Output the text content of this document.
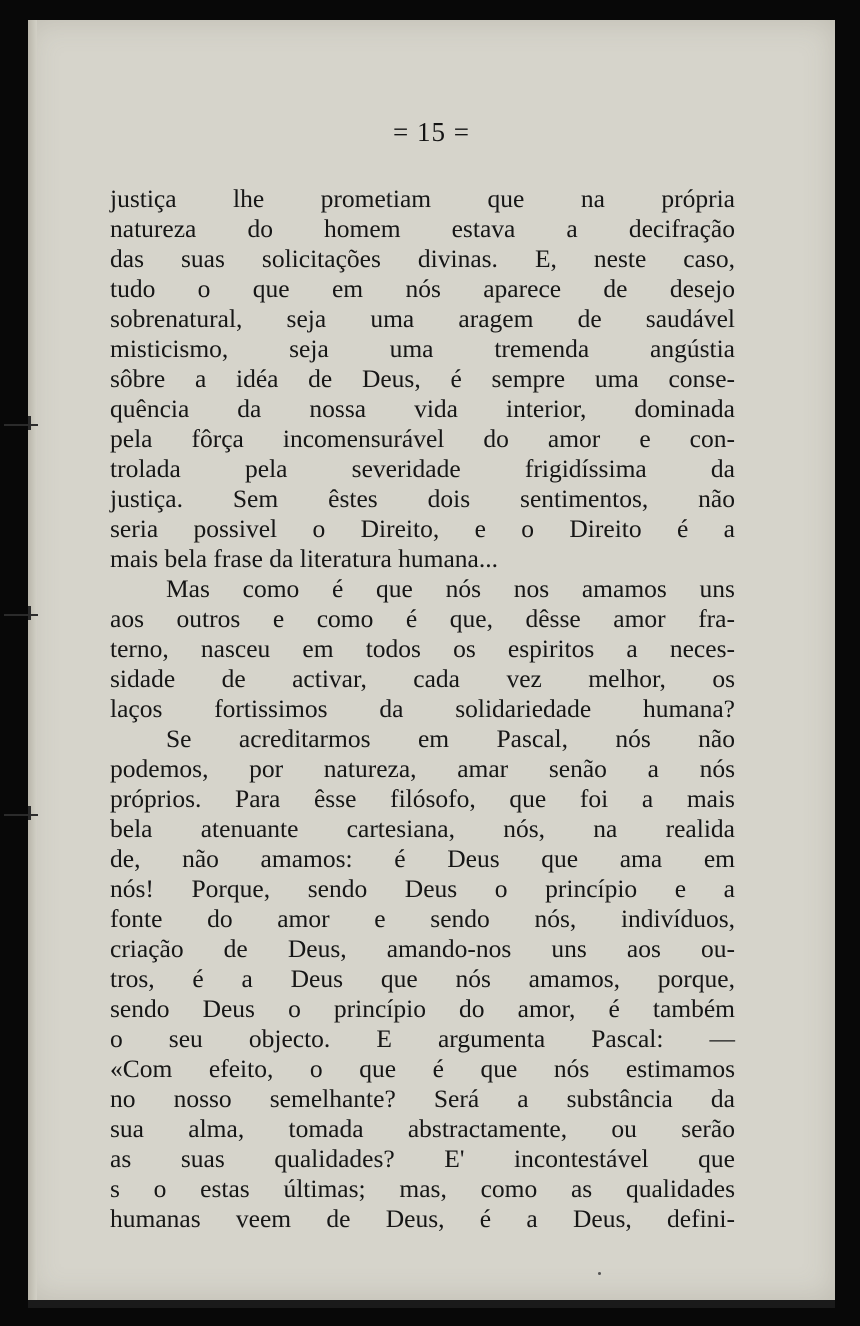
= 15 =
justiça lhe prometiam que na própria
natureza do homem estava a decifração
das suas solicitações divinas. E, neste caso,
tudo o que em nós aparece de desejo
sobrenatural, seja uma aragem de saudável
misticismo, seja uma tremenda angústia
sôbre a idéa de Deus, é sempre uma conse-
quência da nossa vida interior, dominada
pela fôrça incomensurável do amor e con-
trolada pela severidade frigidíssima da
justiça. Sem êstes dois sentimentos, não
seria possivel o Direito, e o Direito é a
mais bela frase da literatura humana...
Mas como é que nós nos amamos uns
aos outros e como é que, dêsse amor fra-
terno, nasceu em todos os espiritos a neces-
sidade de activar, cada vez melhor, os
laços fortissimos da solidariedade humana?
Se acreditarmos em Pascal, nós não
podemos, por natureza, amar senão a nós
próprios. Para êsse filósofo, que foi a mais
bela atenuante cartesiana, nós, na realida
de, não amamos: é Deus que ama em
nós! Porque, sendo Deus o princípio e a
fonte do amor e sendo nós, indivíduos,
criação de Deus, amando-nos uns aos ou-
tros, é a Deus que nós amamos, porque,
sendo Deus o princípio do amor, é também
o seu objecto. E argumenta Pascal: —
«Com efeito, o que é que nós estimamos
no nosso semelhante? Será a substância da
sua alma, tomada abstractamente, ou serão
as suas qualidades? E' incontestável que
s o estas últimas; mas, como as qualidades
humanas veem de Deus, é a Deus, defini-
